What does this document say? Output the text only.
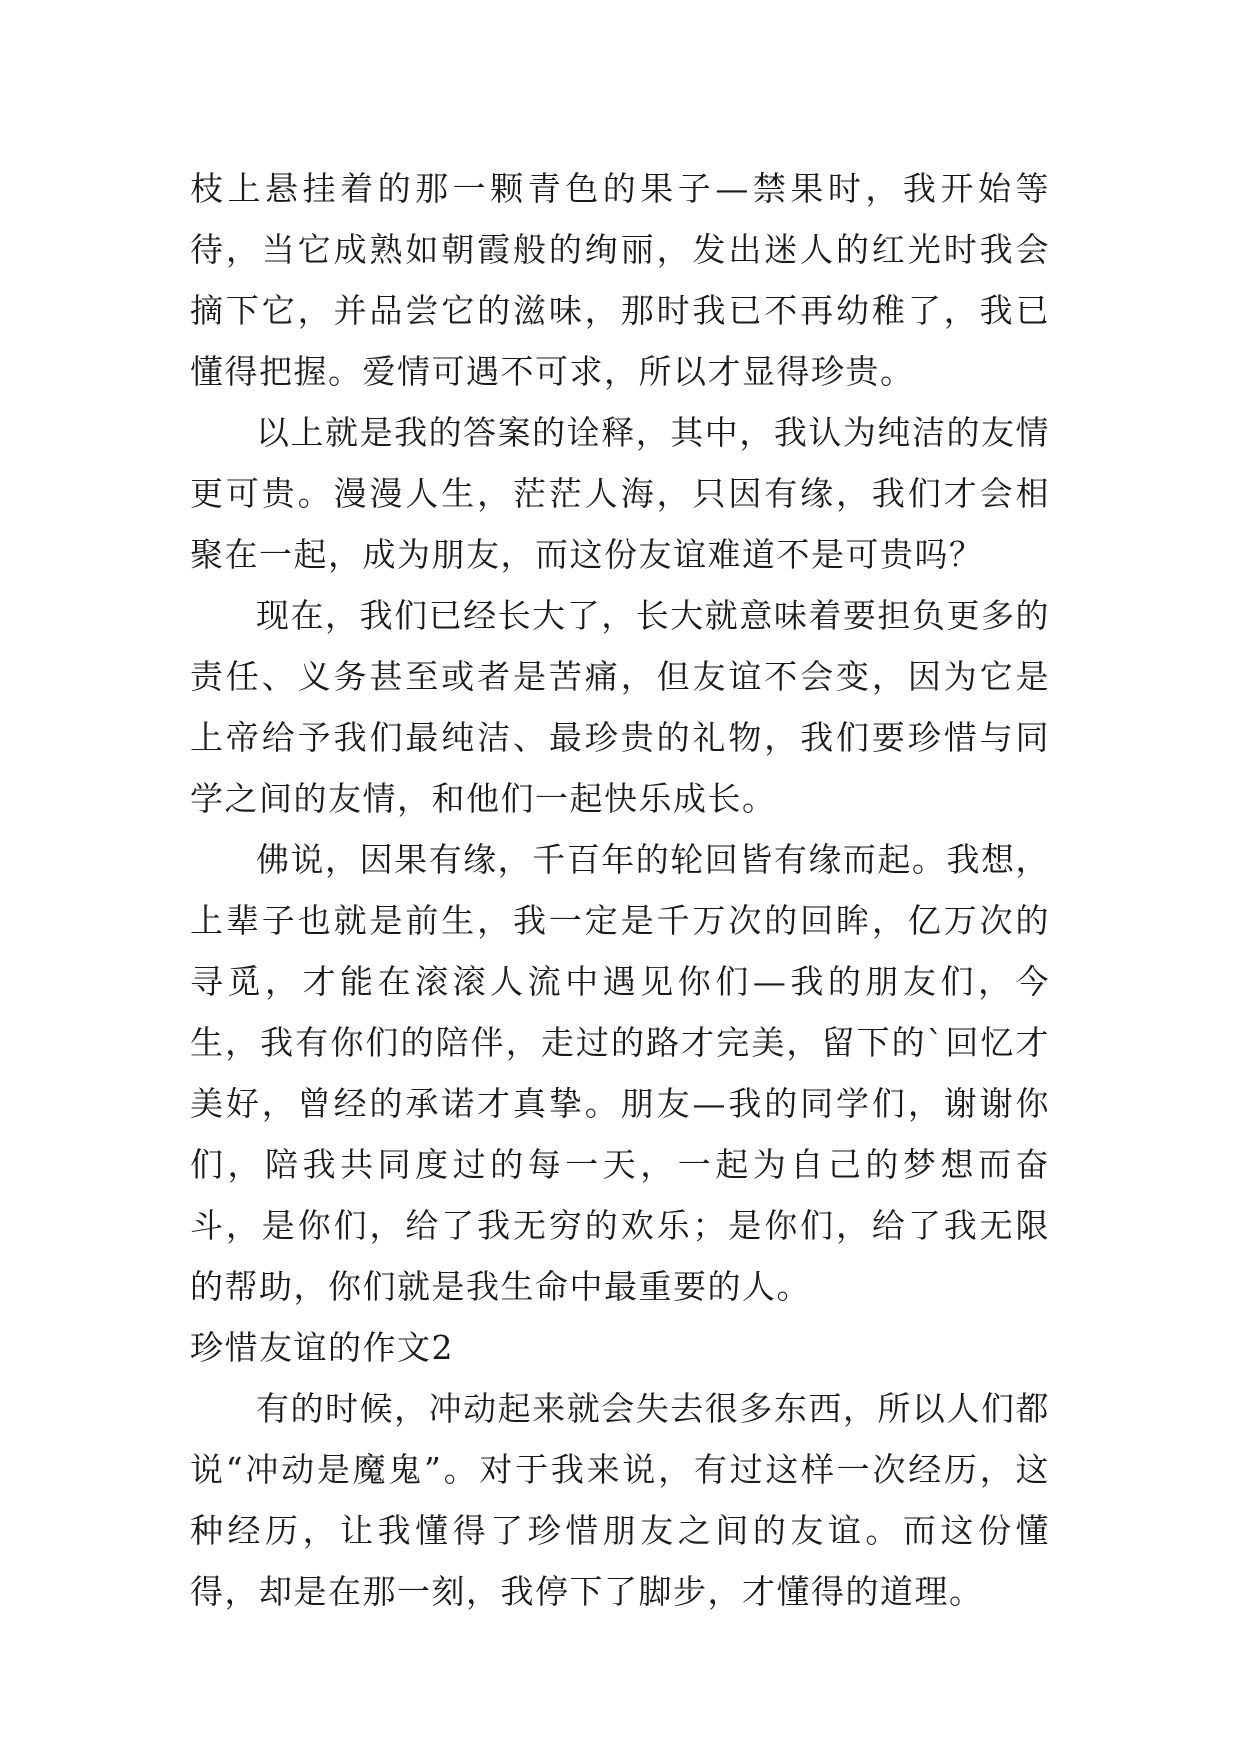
枝上悬挂着的那一颗青色的果子—禁果时，我开始等待，当它成熟如朝霞般的绚丽，发出迷人的红光时我会摘下它，并品尝它的滋味，那时我已不再幼稚了，我已懂得把握。爱情可遇不可求，所以才显得珍贵。

以上就是我的答案的诠释，其中，我认为纯洁的友情更可贵。漫漫人生，茫茫人海，只因有缘，我们才会相聚在一起，成为朋友，而这份友谊难道不是可贵吗？

现在，我们已经长大了，长大就意味着要担负更多的责任、义务甚至或者是苦痛，但友谊不会变，因为它是上帝给予我们最纯洁、最珍贵的礼物，我们要珍惜与同学之间的友情，和他们一起快乐成长。

佛说，因果有缘，千百年的轮回皆有缘而起。我想，上辈子也就是前生，我一定是千万次的回眸，亿万次的寻觅，才能在滚滚人流中遇见你们—我的朋友们，今生，我有你们的陪伴，走过的路才完美，留下的`回忆才美好，曾经的承诺才真挚。朋友—我的同学们，谢谢你们，陪我共同度过的每一天，一起为自己的梦想而奋斗，是你们，给了我无穷的欢乐；是你们，给了我无限的帮助，你们就是我生命中最重要的人。

珍惜友谊的作文2

有的时候，冲动起来就会失去很多东西，所以人们都说“冲动是魔鬼”。对于我来说，有过这样一次经历，这种经历，让我懂得了珍惜朋友之间的友谊。而这份懂得，却是在那一刻，我停下了脚步，才懂得的道理。
